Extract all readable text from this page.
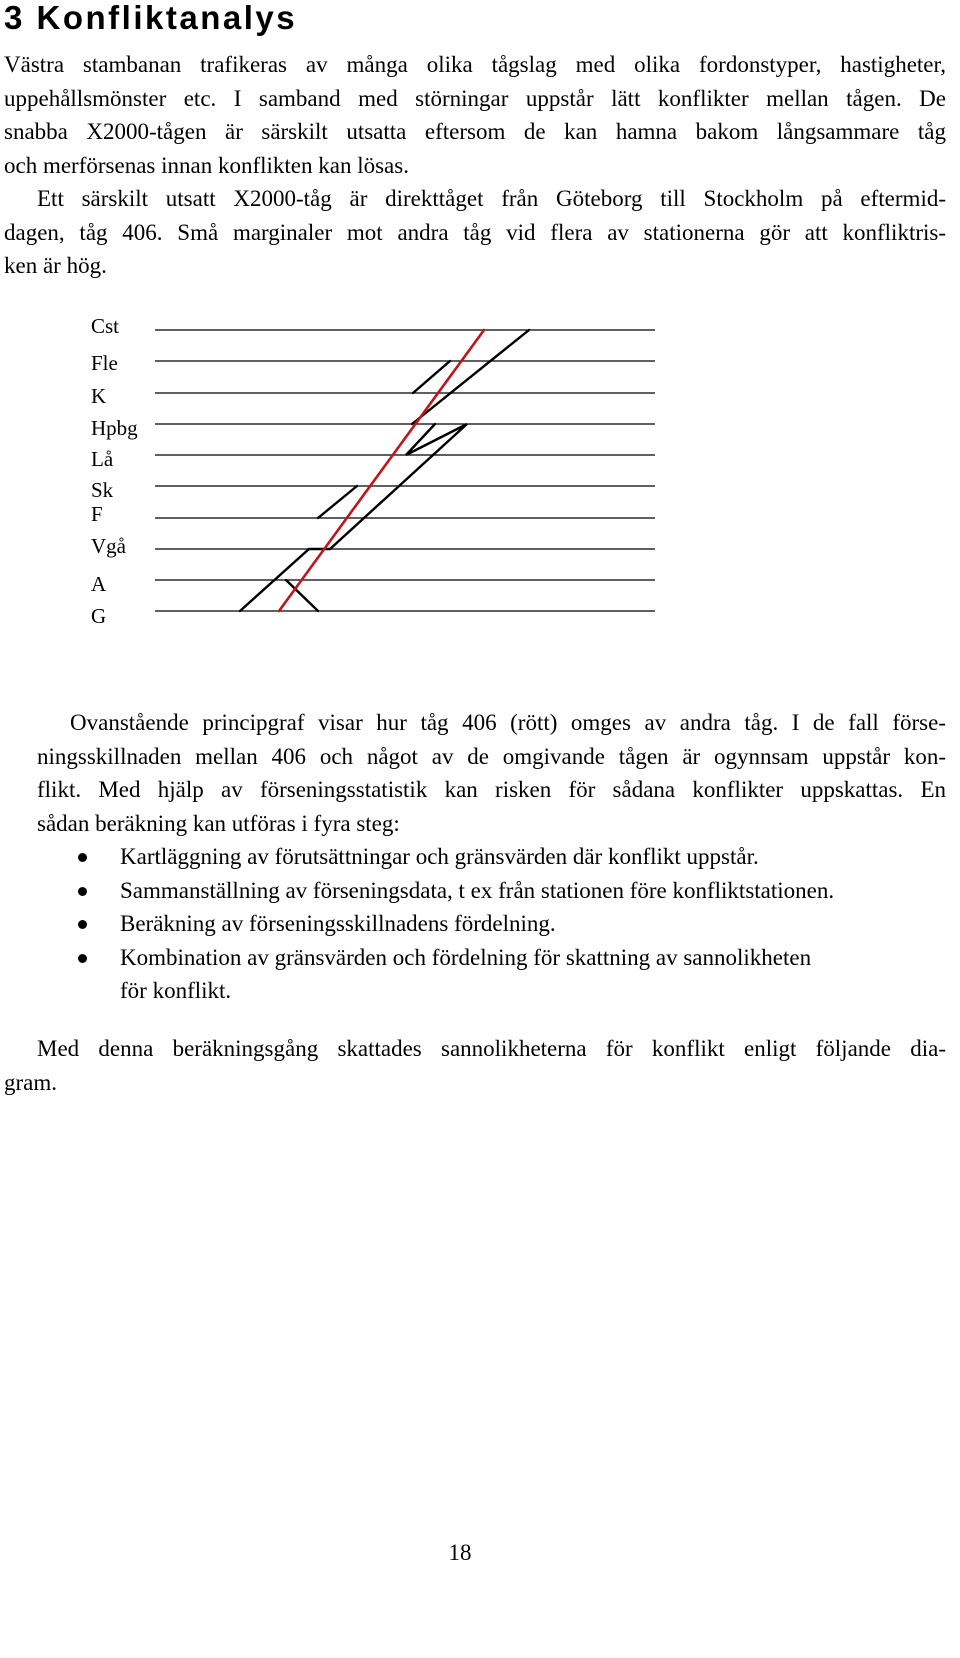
3 Konfliktanalys

Västra stambanan trafikeras av många olika tågslag med olika fordonstyper, hastigheter,
uppehållsmönster etc. I samband med störningar uppstår lätt konflikter mellan tågen. De
snabba X2000-tågen är särskilt utsatta eftersom de kan hamna bakom långsammare tåg
och merförsenas innan konflikten kan lösas.

Ett särskilt utsatt X2000-tåg är direkttåget från Göteborg till Stockholm på eftermid-
dagen, tåg 406. Små marginaler mot andra tåg vid flera av stationerna gör att konfliktris-
ken är hög.

Cst
Fle
K
Hpbg
Lå
Sk
F
Vgå
A
G

Ovanstående principgraf visar hur tåg 406 (rött) omges av andra tåg. I de fall förse-
ningsskillnaden mellan 406 och något av de omgivande tågen är ogynnsam uppstår kon-
flikt. Med hjälp av förseningsstatistik kan risken för sådana konflikter uppskattas. En
sådan beräkning kan utföras i fyra steg:

Kartläggning av förutsättningar och gränsvärden där konflikt uppstår.
Sammanställning av förseningsdata, t ex från stationen före konfliktstationen.
Beräkning av förseningsskillnadens fördelning.
Kombination av gränsvärden och fördelning för skattning av sannolikheten
för konflikt.

Med denna beräkningsgång skattades sannolikheterna för konflikt enligt följande dia-
gram.

18
